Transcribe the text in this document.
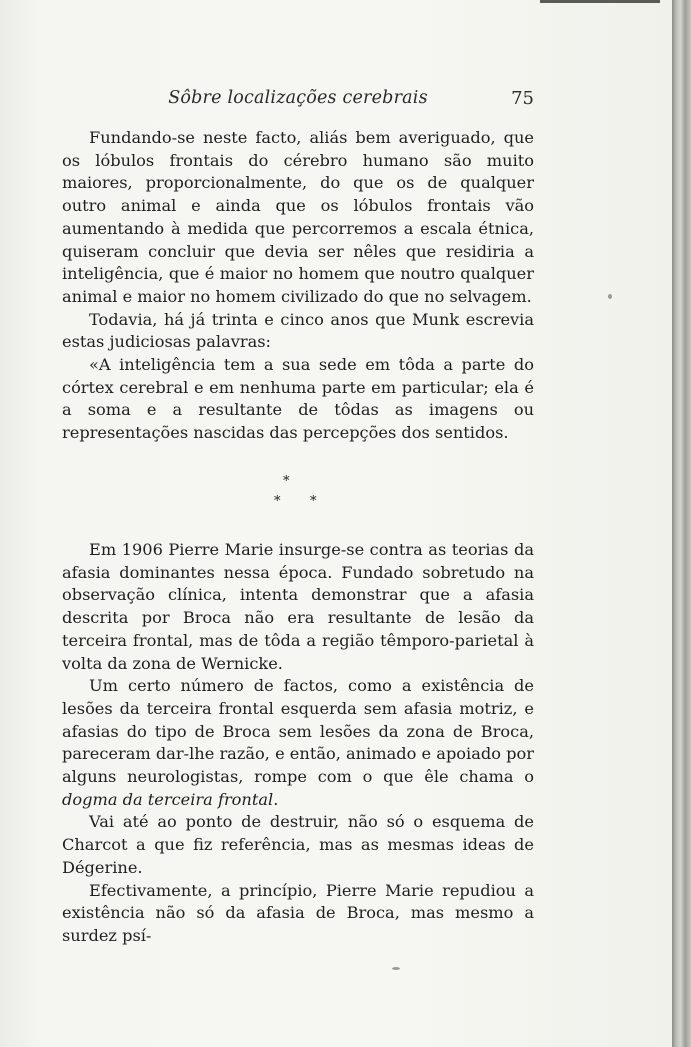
Sôbre localizações cerebrais	75

Fundando-se neste facto, aliás bem averiguado, que os lóbulos frontais do cérebro humano são muito maiores, proporcionalmente, do que os de qualquer outro animal e ainda que os lóbulos frontais vão aumentando à medida que percorremos a escala étnica, quiseram concluir que devia ser nêles que residiria a inteligência, que é maior no homem que noutro qualquer animal e maior no homem civilizado do que no selvagem.

Todavia, há já trinta e cinco anos que Munk escrevia estas judiciosas palavras:

«A inteligência tem a sua sede em tôda a parte do córtex cerebral e em nenhuma parte em particular; ela é a soma e a resultante de tôdas as imagens ou representações nascidas das percepções dos sentidos.

*
* *

Em 1906 Pierre Marie insurge-se contra as teorias da afasia dominantes nessa época. Fundado sobretudo na observação clínica, intenta demonstrar que a afasia descrita por Broca não era resultante de lesão da terceira frontal, mas de tôda a região têmporo-parietal à volta da zona de Wernicke.

Um certo número de factos, como a existência de lesões da terceira frontal esquerda sem afasia motriz, e afasias do tipo de Broca sem lesões da zona de Broca, pareceram dar-lhe razão, e então, animado e apoiado por alguns neurologistas, rompe com o que êle chama o dogma da terceira frontal.

Vai até ao ponto de destruir, não só o esquema de Charcot a que fiz referência, mas as mesmas ideas de Dégerine.

Efectivamente, a princípio, Pierre Marie repudiou a existência não só da afasia de Broca, mas mesmo a surdez psí-
